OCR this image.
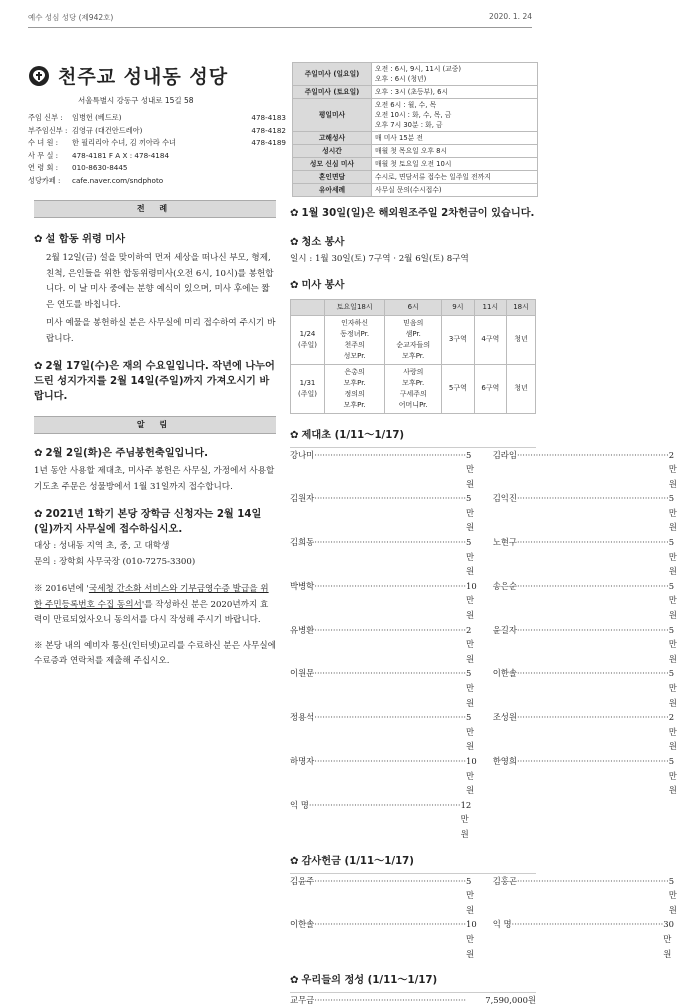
예수 성심 성당 (제942호)	2020. 1. 24
천주교 성내동 성당
서울특별시 강동구 성내로 15길 58
주임 신부 :	임병헌 (베드로)	478-4183
부주임신부 : 김영규 (대건안드레아)	478-4182
수 녀 원 :	한 필리리아 수녀, 김 끼아라 수녀	478-4189
사 무 실 :	478-4181 F A X : 478-4184
연 령 회 :	010-8630-8445
성당카페 :	cafe.naver.com/sndphoto
주일미사 (일요일)	오전 : 6시, 9시, 11시 (교중)
오후 : 6시 (청년)
주일미사 (토요일)	오후 : 3시 (초등부), 6시
평일미사	오전 6시 : 월, 수, 목
오전 10시 : 화, 수, 목, 금
오후 7시 30분 : 화, 금
고해성사	매 미사 15분 전
성시간	매월 첫 목요일 오후 8시
성모 신심 미사	매월 첫 토요일 오전 10시
혼인면담	수시로, 면담서류 접수는 일주일 전까지
유아세례	사무실 문의(수시접수)
전 례
✿ 설 합동 위령 미사
2월 12일(금) 설을 맞이하여 먼저 세상을 떠나신 부모, 형제, 친척, 은인들을 위한 합동위령미사(오전 6시, 10시)를 봉헌합니다. 이 날 미사 중에는 분향 예식이 있으며, 미사 후에는 짧은 연도를 바칩니다.
미사 예물을 봉헌하실 분은 사무실에 미리 접수하여 주시기 바랍니다.
✿ 2월 17일(수)은 재의 수요일입니다. 작년에 나누어 드린 성지가지를 2월 14일(주일)까지 가져오시기 바랍니다.
알 림
✿ 2월 2일(화)은 주님봉헌축일입니다.
1년 동안 사용할 제대초, 미사주 봉헌은 사무실, 가정에서 사용할 기도초 주문은 성물방에서 1월 31일까지 접수합니다.
✿ 2021년 1학기 본당 장학금 신청자는 2월 14일(일)까지 사무실에 접수하십시오.
대상 : 성내동 지역 초, 중, 고 대학생
문의 : 장학회 사무국장 (010-7275-3300)
※ 2016년에 '국세청 간소화 서비스와 기부금영수증 발급을 위한 주민등록번호 수집 동의서'를 작성하신 분은 2020년까지 효력이 만료되었사오니 동의서를 다시 작성해 주시기 바랍니다.
※ 본당 내의 예비자 통신(인터넷)교리를 수료하신 분은 사무실에 수료증과 연락처를 제출해 주십시오.
✿ 1월 30일(일)은 해외원조주일 2차헌금이 있습니다.
✿ 청소 봉사
일시 : 1월 30일(토) 7구역 · 2월 6일(토) 8구역
✿ 미사 봉사
	토요일18시	6시	9시	11시	18시
1/24
(주일)	인자하신
동정녀Pr.
천주의
성모Pr.	믿음의
샘Pr.
순교자들의
모후Pr.	3구역	4구역	청년
1/31
(주일)	은총의
모후Pr.
정의의
모후Pr.	사랑의
모후Pr.
구세주의
어머니Pr.	5구역	6구역	청년
✿ 제대초 (1/11～1/17)
강나미 ·····	5만원
김라임 ·····	2만원
김원자 ·····	5만원
김익진 ·····	5만원
김희동 ·····	5만원
노현구 ·····	5만원
박병학 ·····	10만원
송은순 ·····	5만원
유병환 ·····	2만원
윤길자 ·····	5만원
이원문 ·····	5만원
이한솔 ·····	5만원
정용석 ·····	5만원
조성원 ·····	2만원
하명자 ·····	10만원
한영희 ·····	5만원
익 명 ·····	12만원
✿ 감사헌금 (1/11～1/17)
김윤주 ·····	5만원
김홍곤 ·····	5만원
이한솔 ·····	10만원
익 명 ·····	30만원
✿ 우리들의 정성 (1/11～1/17)
교무금 ·····	7,590,000원
